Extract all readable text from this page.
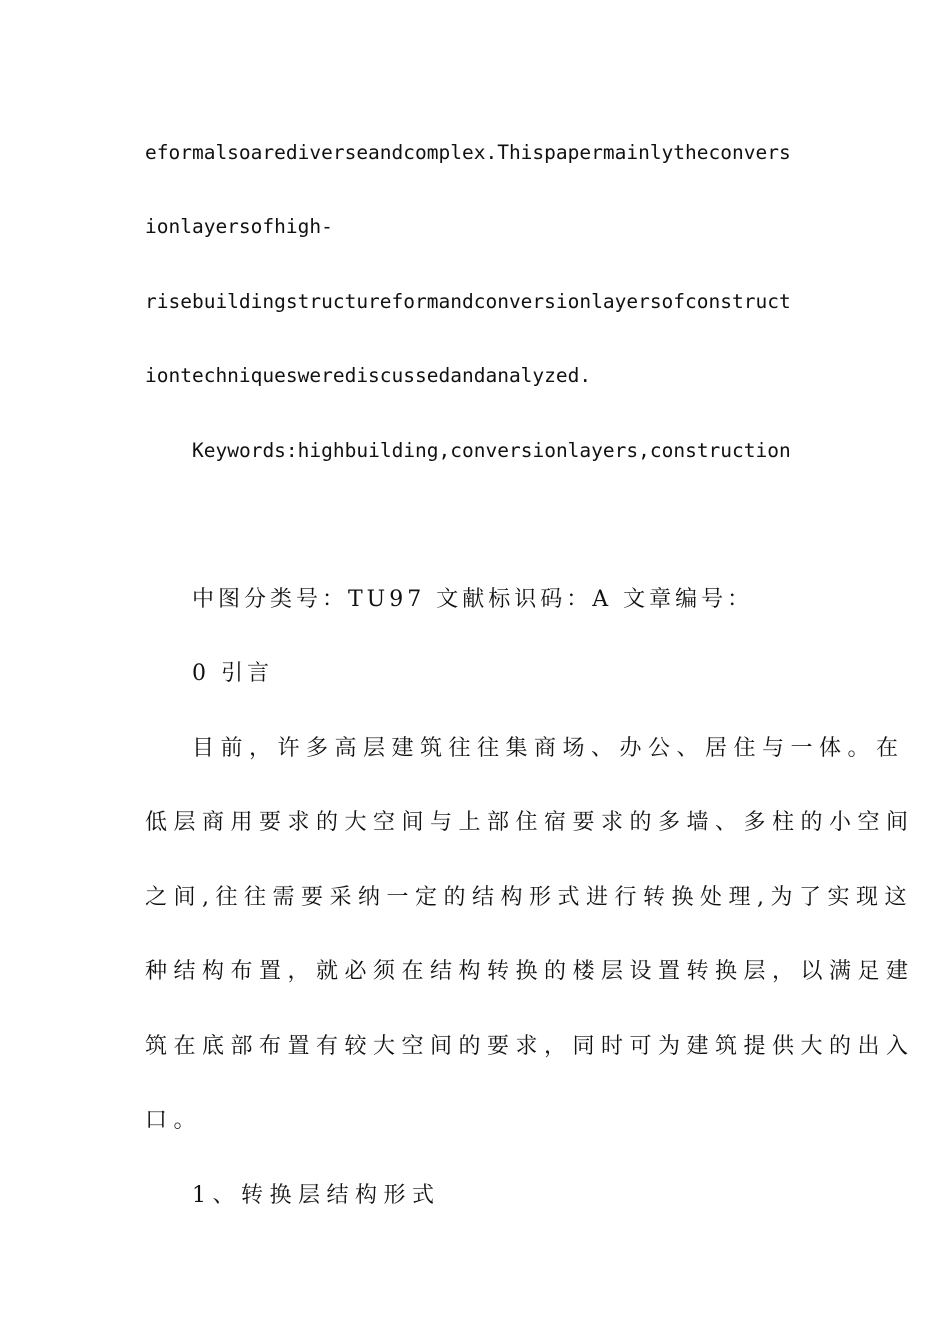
eformalsoarediverseandcomplex.Thispapermainlytheconvers
ionlayersofhigh-
risebuildingstructureformandconversionlayersofconstruct
iontechniqueswerediscussedandanalyzed.
Keywords:highbuilding,conversionlayers,construction
中图分类号：TU97 文献标识码：A 文章编号：
0 引言
目前，许多高层建筑往往集商场、办公、居住与一体。在
低层商用要求的大空间与上部住宿要求的多墙、多柱的小空间
之间,往往需要采纳一定的结构形式进行转换处理,为了实现这
种结构布置，就必须在结构转换的楼层设置转换层，以满足建
筑在底部布置有较大空间的要求，同时可为建筑提供大的出入
口。
1、转换层结构形式
